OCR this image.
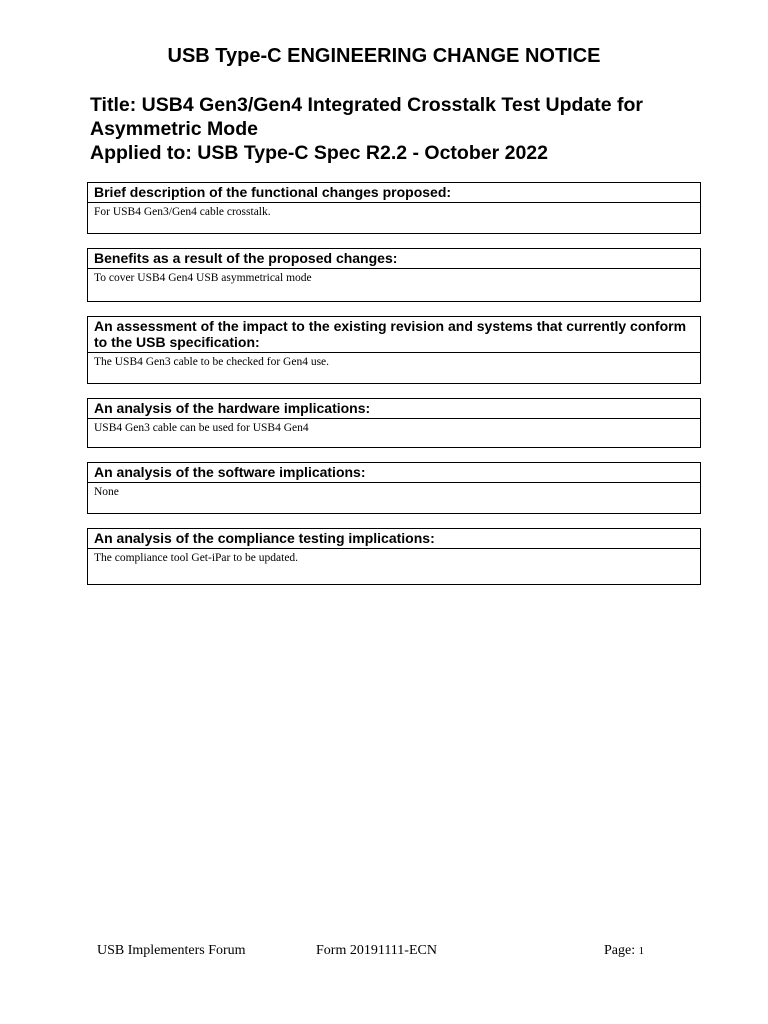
USB Type-C ENGINEERING CHANGE NOTICE
Title: USB4 Gen3/Gen4 Integrated Crosstalk Test Update for
Asymmetric Mode
Applied to: USB Type-C Spec R2.2 - October 2022
Brief description of the functional changes proposed:
For USB4 Gen3/Gen4 cable crosstalk.
Benefits as a result of the proposed changes:
To cover USB4 Gen4 USB asymmetrical mode
An assessment of the impact to the existing revision and systems that currently conform to the USB specification:
The USB4 Gen3 cable to be checked for Gen4 use.
An analysis of the hardware implications:
USB4 Gen3 cable can be used for USB4 Gen4
An analysis of the software implications:
None
An analysis of the compliance testing implications:
The compliance tool Get-iPar to be updated.
USB Implementers Forum	Form 20191111-ECN	Page: 1
